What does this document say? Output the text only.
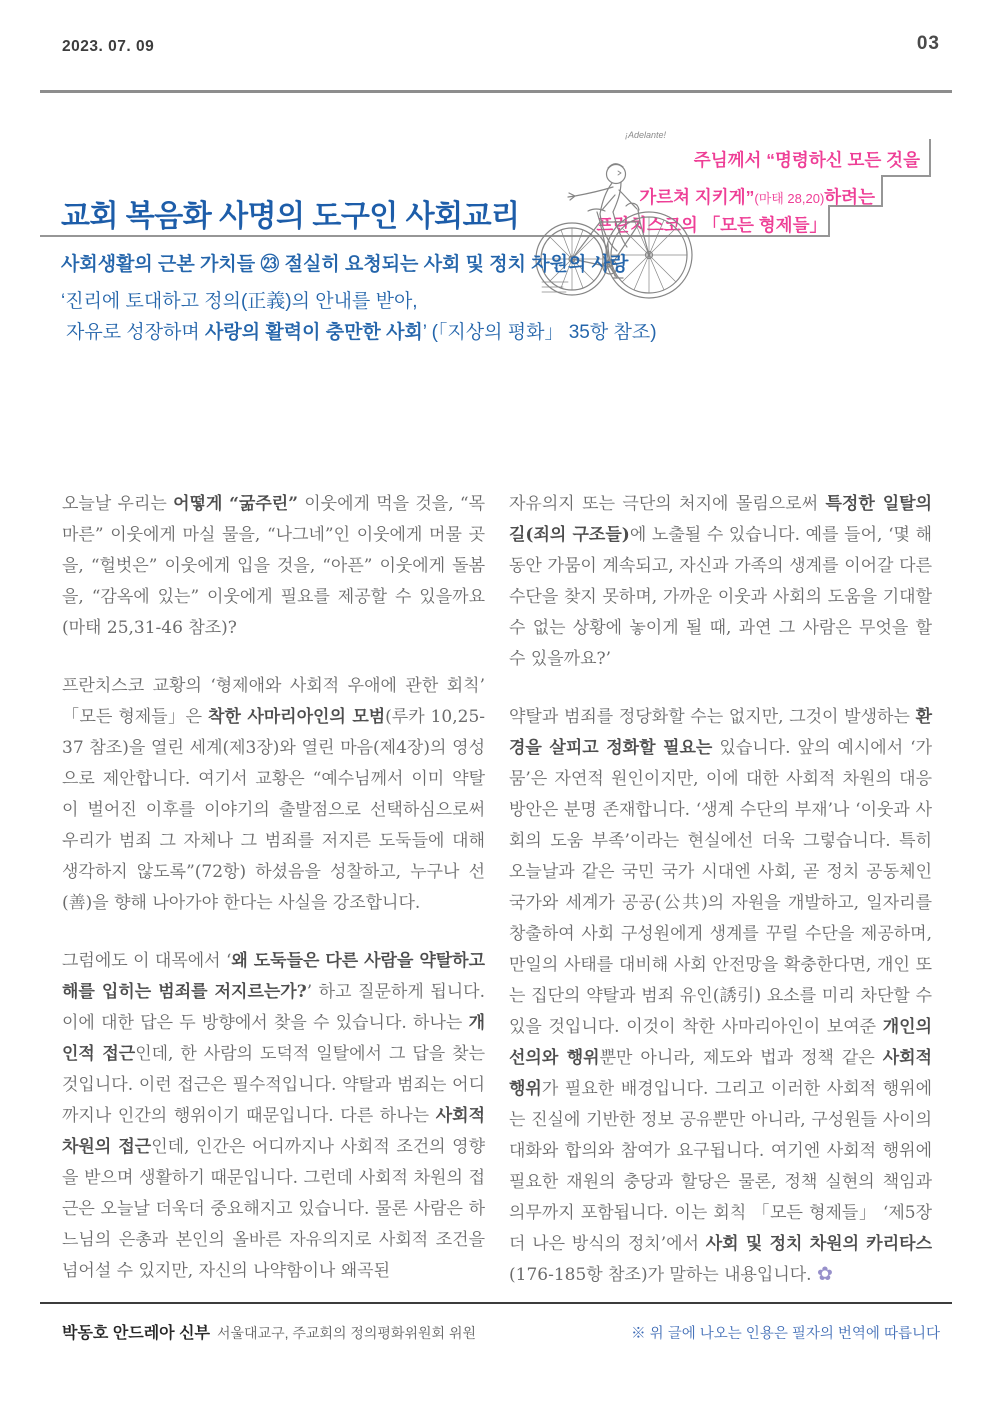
2023. 07. 09	03
주님께서 “명령하신 모든 것을
가르쳐 지키게”(마태 28,20)하려는
프란치스코의 「모든 형제들」
¡Adelante!
교회 복음화 사명의 도구인 사회교리
사회생활의 근본 가치들 ㉓ 절실히 요청되는 사회 및 정치 차원의 사랑
‘진리에 토대하고 정의(正義)의 안내를 받아,
자유로 성장하며 사랑의 활력이 충만한 사회’ (「지상의 평화」 35항 참조)

오늘날 우리는 어떻게 “굶주린” 이웃에게 먹을 것을, “목마른” 이웃에게 마실 물을, “나그네”인 이웃에게 머물 곳을, “헐벗은” 이웃에게 입을 것을, “아픈” 이웃에게 돌봄을, “감옥에 있는” 이웃에게 필요를 제공할 수 있을까요 (마태 25,31-46 참조)?

프란치스코 교황의 ‘형제애와 사회적 우애에 관한 회칙’ 「모든 형제들」은 착한 사마리아인의 모범(루카 10,25-37 참조)을 열린 세계(제3장)와 열린 마음(제4장)의 영성으로 제안합니다. 여기서 교황은 “예수님께서 이미 약탈이 벌어진 이후를 이야기의 출발점으로 선택하심으로써 우리가 범죄 그 자체나 그 범죄를 저지른 도둑들에 대해 생각하지 않도록”(72항) 하셨음을 성찰하고, 누구나 선(善)을 향해 나아가야 한다는 사실을 강조합니다.

그럼에도 이 대목에서 ‘왜 도둑들은 다른 사람을 약탈하고 해를 입히는 범죄를 저지르는가?’ 하고 질문하게 됩니다. 이에 대한 답은 두 방향에서 찾을 수 있습니다. 하나는 개인적 접근인데, 한 사람의 도덕적 일탈에서 그 답을 찾는 것입니다. 이런 접근은 필수적입니다. 약탈과 범죄는 어디까지나 인간의 행위이기 때문입니다. 다른 하나는 사회적 차원의 접근인데, 인간은 어디까지나 사회적 조건의 영향을 받으며 생활하기 때문입니다. 그런데 사회적 차원의 접근은 오늘날 더욱더 중요해지고 있습니다. 물론 사람은 하느님의 은총과 본인의 올바른 자유의지로 사회적 조건을 넘어설 수 있지만, 자신의 나약함이나 왜곡된

자유의지 또는 극단의 처지에 몰림으로써 특정한 일탈의 길(죄의 구조들)에 노출될 수 있습니다. 예를 들어, ‘몇 해 동안 가뭄이 계속되고, 자신과 가족의 생계를 이어갈 다른 수단을 찾지 못하며, 가까운 이웃과 사회의 도움을 기대할 수 없는 상황에 놓이게 될 때, 과연 그 사람은 무엇을 할 수 있을까요?’

약탈과 범죄를 정당화할 수는 없지만, 그것이 발생하는 환경을 살피고 정화할 필요는 있습니다. 앞의 예시에서 ‘가뭄’은 자연적 원인이지만, 이에 대한 사회적 차원의 대응 방안은 분명 존재합니다. ‘생계 수단의 부재’나 ‘이웃과 사회의 도움 부족’이라는 현실에선 더욱 그렇습니다. 특히 오늘날과 같은 국민 국가 시대엔 사회, 곧 정치 공동체인 국가와 세계가 공공(公共)의 자원을 개발하고, 일자리를 창출하여 사회 구성원에게 생계를 꾸릴 수단을 제공하며, 만일의 사태를 대비해 사회 안전망을 확충한다면, 개인 또는 집단의 약탈과 범죄 유인(誘引) 요소를 미리 차단할 수 있을 것입니다. 이것이 착한 사마리아인이 보여준 개인의 선의와 행위뿐만 아니라, 제도와 법과 정책 같은 사회적 행위가 필요한 배경입니다. 그리고 이러한 사회적 행위에는 진실에 기반한 정보 공유뿐만 아니라, 구성원들 사이의 대화와 합의와 참여가 요구됩니다. 여기엔 사회적 행위에 필요한 재원의 충당과 할당은 물론, 정책 실현의 책임과 의무까지 포함됩니다. 이는 회칙 「모든 형제들」 ‘제5장 더 나은 방식의 정치’에서 사회 및 정치 차원의 카리타스(176-185항 참조)가 말하는 내용입니다. ✿

박동호 안드레아 신부 서울대교구, 주교회의 정의평화위원회 위원	※ 위 글에 나오는 인용은 필자의 번역에 따릅니다
